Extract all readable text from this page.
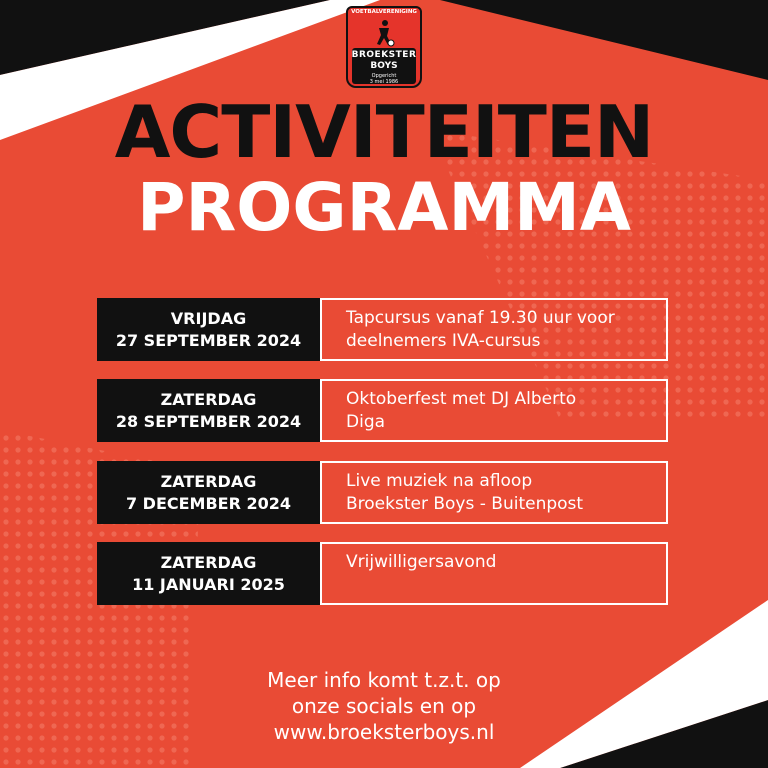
VOETBALVERENIGING
BROEKSTER
BOYS
Opgericht
3 mei 1986
ACTIVITEITEN
PROGRAMMA
VRIJDAG
27 SEPTEMBER 2024
Tapcursus vanaf 19.30 uur voor
deelnemers IVA-cursus
ZATERDAG
28 SEPTEMBER 2024
Oktoberfest met DJ Alberto
Diga
ZATERDAG
7 DECEMBER 2024
Live muziek na afloop
Broekster Boys - Buitenpost
ZATERDAG
11 JANUARI 2025
Vrijwilligersavond
Meer info komt t.z.t. op
onze socials en op
www.broeksterboys.nl
